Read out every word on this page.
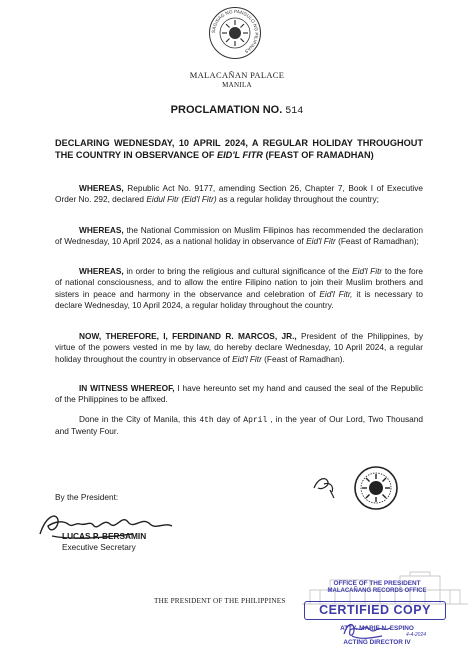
SAGISAG NG PANGULO NG PILIPINAS
MALACAÑAN PALACE
MANILA
PROCLAMATION NO. 514
DECLARING WEDNESDAY, 10 APRIL 2024, A REGULAR HOLIDAY THROUGHOUT THE COUNTRY IN OBSERVANCE OF EID'L FITR (FEAST OF RAMADHAN)
WHEREAS, Republic Act No. 9177, amending Section 26, Chapter 7, Book I of Executive Order No. 292, declared Eidul Fitr (Eid'l Fitr) as a regular holiday throughout the country;
WHEREAS, the National Commission on Muslim Filipinos has recommended the declaration of Wednesday, 10 April 2024, as a national holiday in observance of Eid'l Fitr (Feast of Ramadhan);
WHEREAS, in order to bring the religious and cultural significance of the Eid'l Fitr to the fore of national consciousness, and to allow the entire Filipino nation to join their Muslim brothers and sisters in peace and harmony in the observance and celebration of Eid'l Fitr, it is necessary to declare Wednesday, 10 April 2024, a regular holiday throughout the country.
NOW, THEREFORE, I, FERDINAND R. MARCOS, JR., President of the Philippines, by virtue of the powers vested in me by law, do hereby declare Wednesday, 10 April 2024, a regular holiday throughout the country in observance of Eid'l Fitr (Feast of Ramadhan).
IN WITNESS WHEREOF, I have hereunto set my hand and caused the seal of the Republic of the Philippines to be affixed.
Done in the City of Manila, this 4th day of April , in the year of Our Lord, Two Thousand and Twenty Four.
By the President:
LUCAS P. BERSAMIN
Executive Secretary
THE PRESIDENT OF THE PHILIPPINES
OFFICE OF THE PRESIDENT
MALACAÑANG RECORDS OFFICE
CERTIFIED COPY
4-4-2024
ATTY. MARIE N. ESPINO
ACTING DIRECTOR IV
